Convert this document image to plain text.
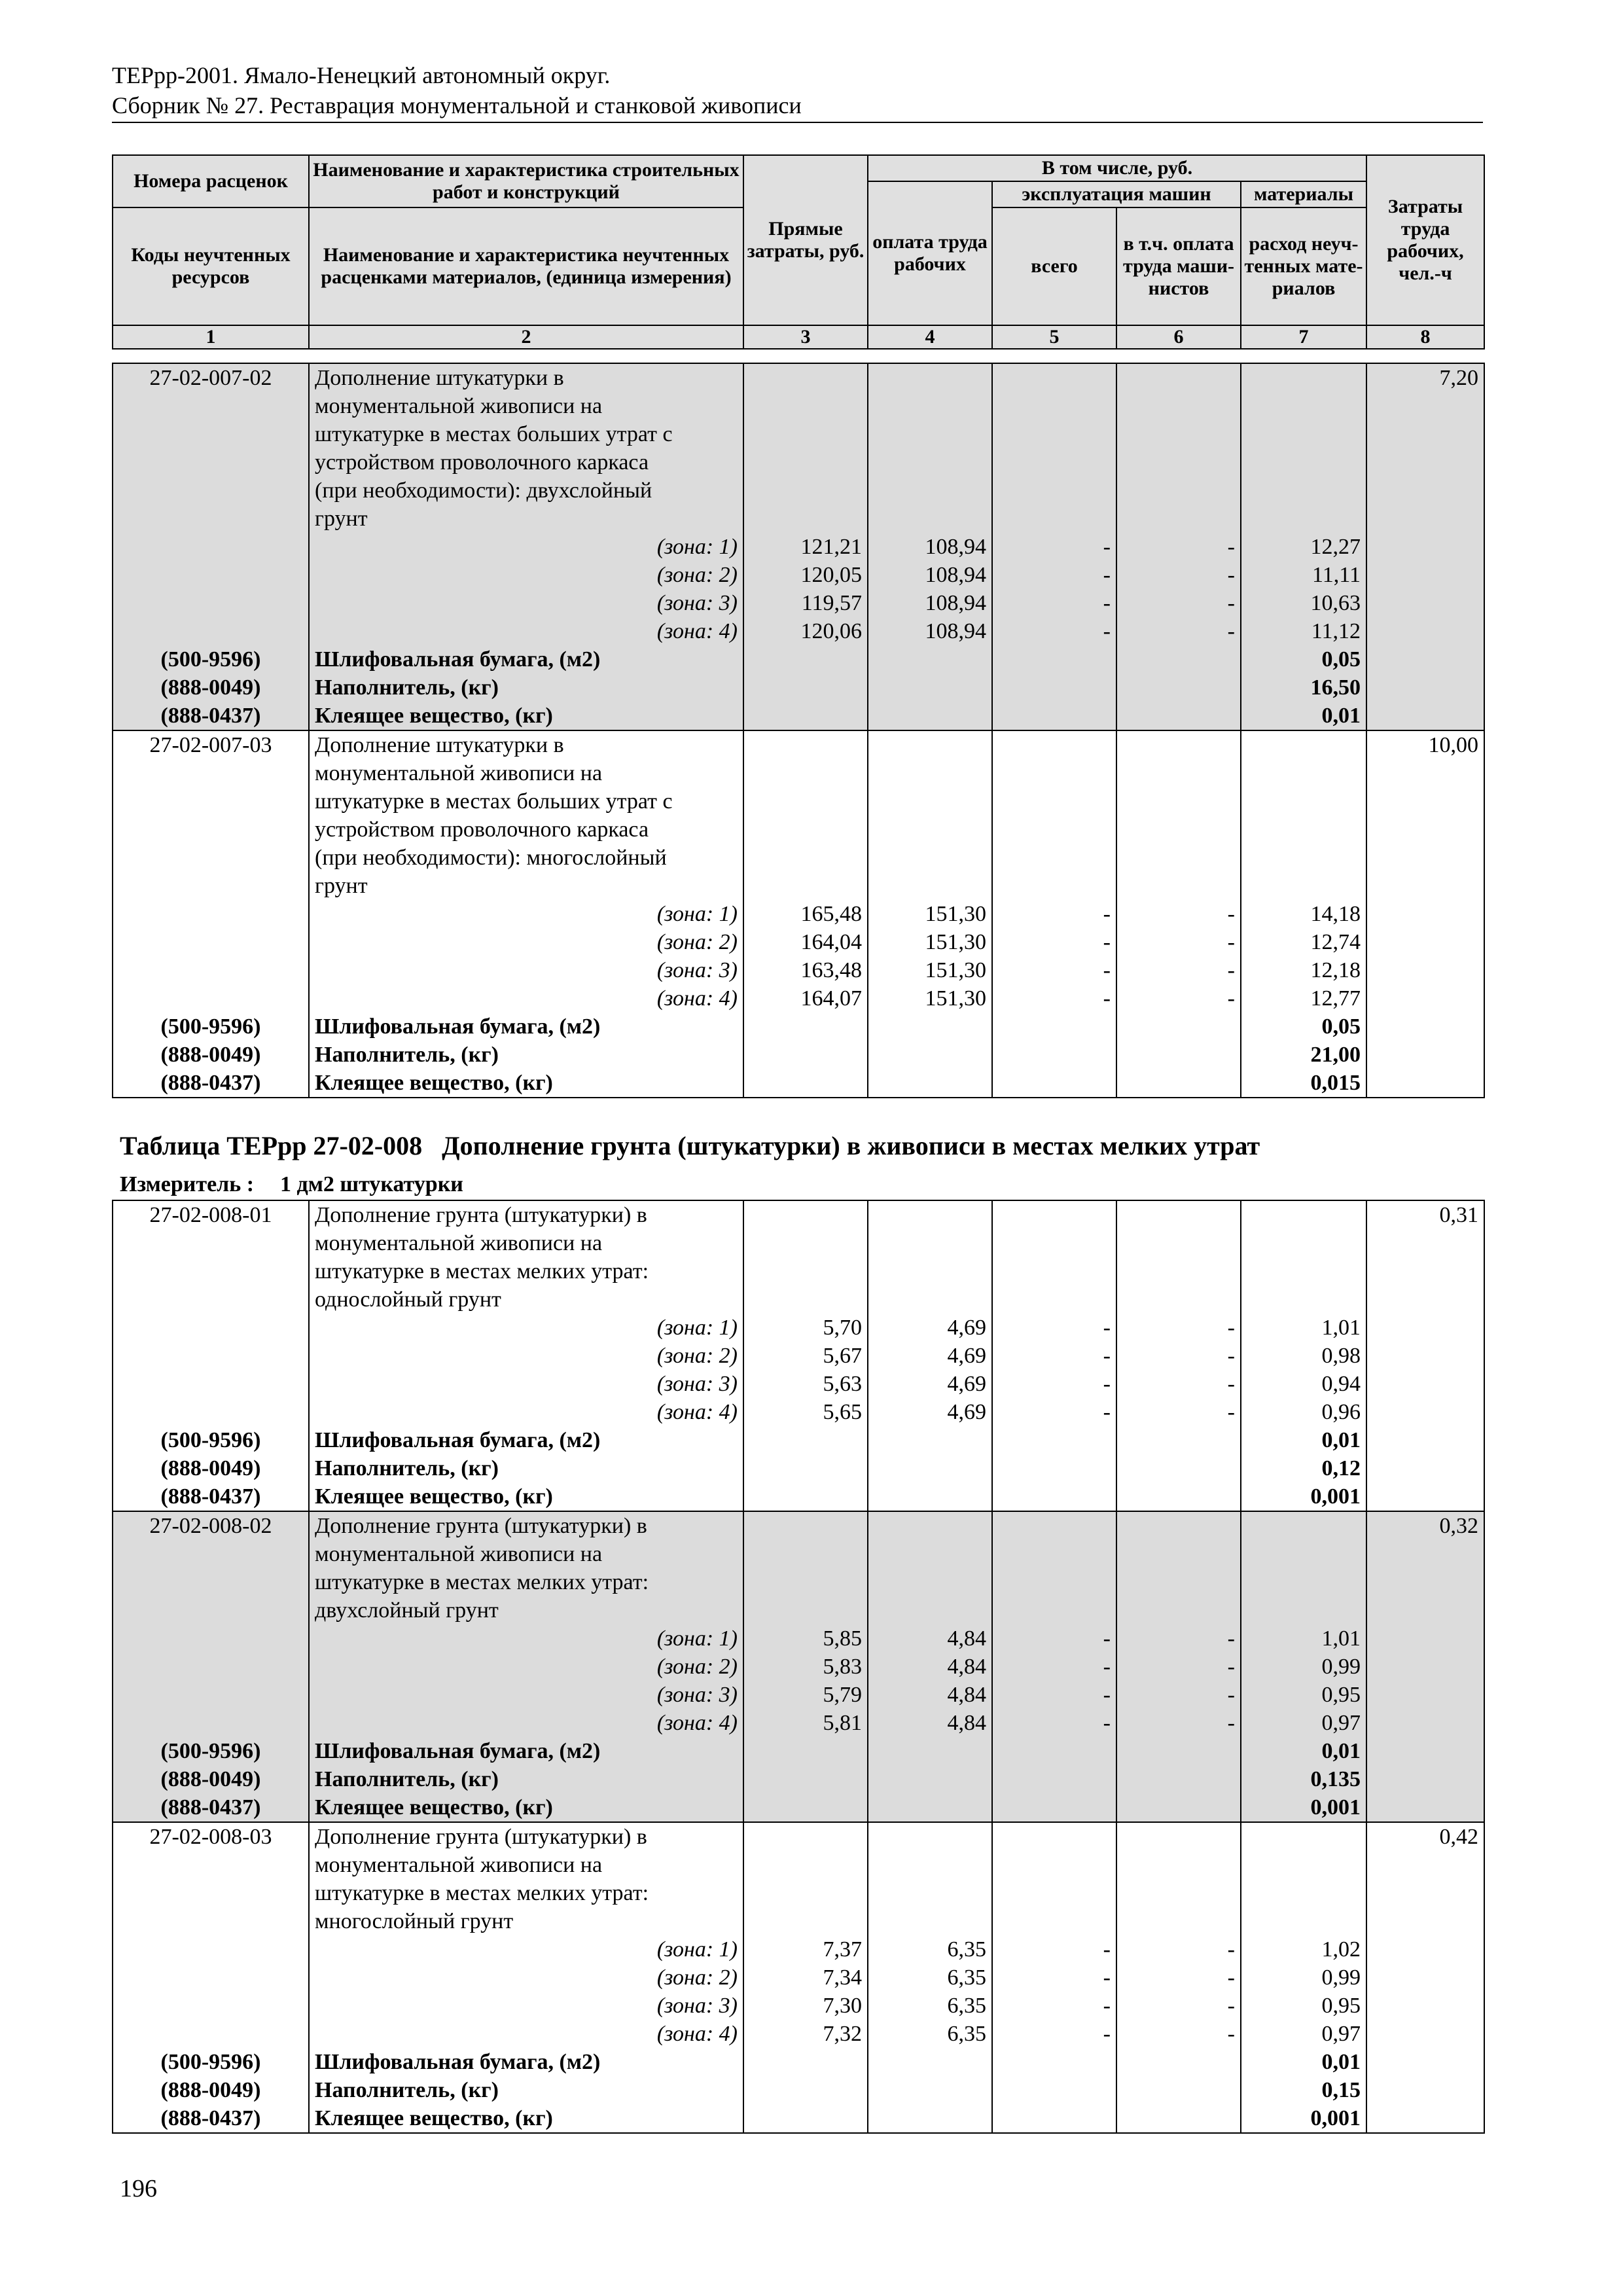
ТЕРрр-2001. Ямало-Ненецкий автономный округ.
Сборник № 27. Реставрация монументальной и станковой живописи
Номера расценок	Наименование и характеристика строительных работ и конструкций	Прямые затраты, руб.	В том числе, руб.				Затраты труда рабочих, чел.-ч
			оплата труда рабочих	эксплуатация машин		материалы	
Коды неучтенных ресурсов	Наименование и характеристика неучтенных расценками материалов, (единица измерения)			всего	в т.ч. оплата труда маши-нистов	расход неуч-тенных мате-риалов	

1	2	3	4	5	6	7	8
27-02-007-02	Дополнение штукатурки в						7,20
	монументальной живописи на						
	штукатурке в местах больших утрат с						
	устройством проволочного каркаса						
	(при необходимости): двухслойный						
	грунт						
	(зона: 1)	121,21	108,94	-	-	12,27	
	(зона: 2)	120,05	108,94	-	-	11,11	
	(зона: 3)	119,57	108,94	-	-	10,63	
	(зона: 4)	120,06	108,94	-	-	11,12	
(500-9596)	Шлифовальная бумага, (м2)					0,05	
(888-0049)	Наполнитель, (кг)					16,50	
(888-0437)	Клеящее вещество, (кг)					0,01	
27-02-007-03	Дополнение штукатурки в						10,00
	монументальной живописи на						
	штукатурке в местах больших утрат с						
	устройством проволочного каркаса						
	(при необходимости): многослойный						
	грунт						
	(зона: 1)	165,48	151,30	-	-	14,18	
	(зона: 2)	164,04	151,30	-	-	12,74	
	(зона: 3)	163,48	151,30	-	-	12,18	
	(зона: 4)	164,07	151,30	-	-	12,77	
(500-9596)	Шлифовальная бумага, (м2)					0,05	
(888-0049)	Наполнитель, (кг)					21,00	
(888-0437)	Клеящее вещество, (кг)					0,015	
Таблица ТЕРрр 27-02-008 Дополнение грунта (штукатурки) в живописи в местах мелких утрат
Измеритель : 1 дм2 штукатурки
27-02-008-01	Дополнение грунта (штукатурки) в						0,31
	монументальной живописи на						
	штукатурке в местах мелких утрат:						
	однослойный грунт						
	(зона: 1)	5,70	4,69	-	-	1,01	
	(зона: 2)	5,67	4,69	-	-	0,98	
	(зона: 3)	5,63	4,69	-	-	0,94	
	(зона: 4)	5,65	4,69	-	-	0,96	
(500-9596)	Шлифовальная бумага, (м2)					0,01	
(888-0049)	Наполнитель, (кг)					0,12	
(888-0437)	Клеящее вещество, (кг)					0,001	
27-02-008-02	Дополнение грунта (штукатурки) в						0,32
	монументальной живописи на						
	штукатурке в местах мелких утрат:						
	двухслойный грунт						
	(зона: 1)	5,85	4,84	-	-	1,01	
	(зона: 2)	5,83	4,84	-	-	0,99	
	(зона: 3)	5,79	4,84	-	-	0,95	
	(зона: 4)	5,81	4,84	-	-	0,97	
(500-9596)	Шлифовальная бумага, (м2)					0,01	
(888-0049)	Наполнитель, (кг)					0,135	
(888-0437)	Клеящее вещество, (кг)					0,001	
27-02-008-03	Дополнение грунта (штукатурки) в						0,42
	монументальной живописи на						
	штукатурке в местах мелких утрат:						
	многослойный грунт						
	(зона: 1)	7,37	6,35	-	-	1,02	
	(зона: 2)	7,34	6,35	-	-	0,99	
	(зона: 3)	7,30	6,35	-	-	0,95	
	(зона: 4)	7,32	6,35	-	-	0,97	
(500-9596)	Шлифовальная бумага, (м2)					0,01	
(888-0049)	Наполнитель, (кг)					0,15	
(888-0437)	Клеящее вещество, (кг)					0,001	
196
